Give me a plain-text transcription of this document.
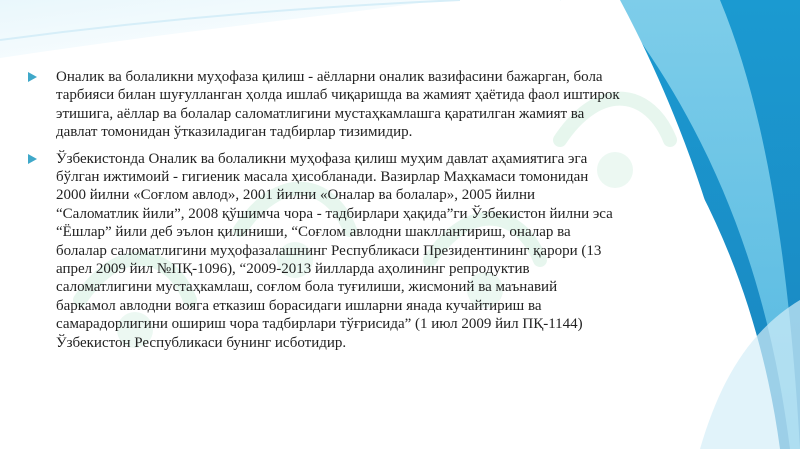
Оналик ва болаликни муҳофаза қилиш - аёлларни оналик вазифасини бажарган, бола
тарбияси билан шуғулланган ҳолда ишлаб чиқаришда ва жамият ҳаётида фаол иштирок
этишига, аёллар ва болалар саломатлигини мустаҳкамлашга қаратилган жамият ва
давлат томонидан ўтказиладиган тадбирлар тизимидир.

Ўзбекистонда Оналик ва болаликни муҳофаза қилиш муҳим давлат аҳамиятига эга
бўлган ижтимоий - гигиеник масала ҳисобланади. Вазирлар Маҳкамаси томонидан
2000 йилни «Соғлом авлод», 2001 йилни «Оналар ва болалар», 2005 йилни
“Саломатлик йили”, 2008 қўшимча чора - тадбирлари ҳақида”ги Ўзбекистон йилни эса
“Ёшлар” йили деб эълон қилиниши, “Соғлом авлодни шакллантириш, оналар ва
болалар саломатлигини муҳофазалашнинг Республикаси Президентининг қарори (13
апрел 2009 йил №ПҚ-1096), “2009-2013 йилларда аҳолининг репродуктив
саломатлигини мустаҳкамлаш, соғлом бола туғилиши, жисмоний ва маънавий
баркамол авлодни вояга етказиш борасидаги ишларни янада кучайтириш ва
самарадорлигини ошириш чора тадбирлари тўғрисида” (1 июл 2009 йил ПҚ-1144)
Ўзбекистон Республикаси бунинг исботидир.
